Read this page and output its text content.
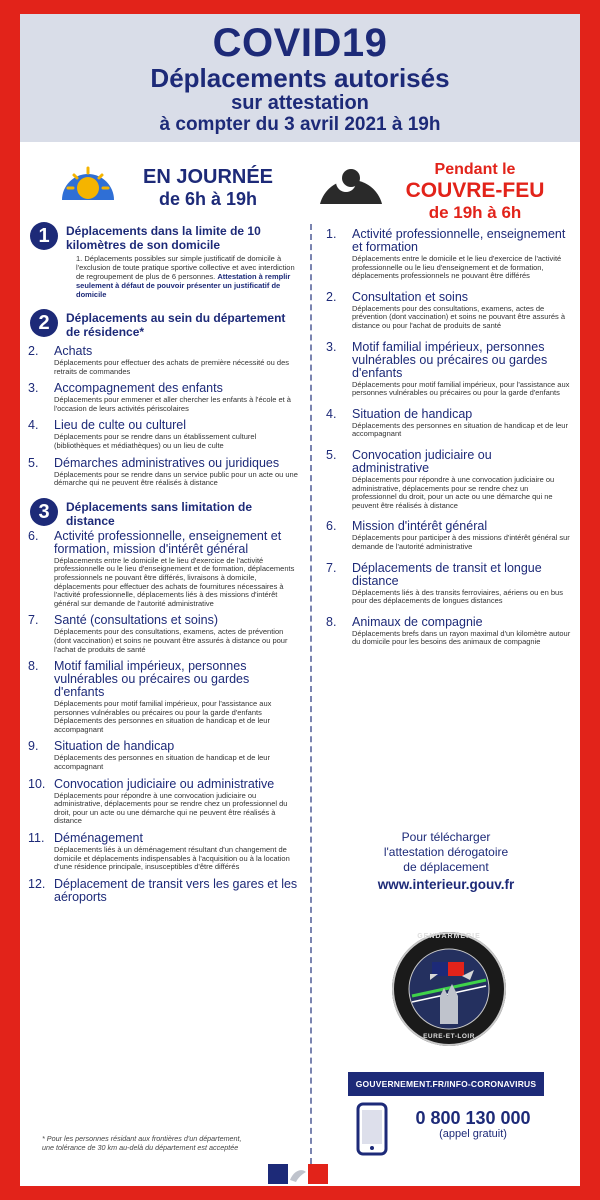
COVID19
Déplacements autorisés
sur attestation
à compter du 3 avril 2021 à 19h
EN JOURNÉE
de 6h à 19h
Pendant le
COUVRE-FEU
de 19h à 6h
1	Déplacements dans la limite de 10 kilomètres de son domicile
1. Déplacements possibles sur simple justificatif de domicile à l'exclusion de toute pratique sportive collective et avec interdiction de regroupement de plus de 6 personnes. Attestation à remplir seulement à défaut de pouvoir présenter un justificatif de domicile
2	Déplacements au sein du département de résidence*
2. Achats
Déplacements pour effectuer des achats de première nécessité ou des retraits de commandes
3. Accompagnement des enfants
Déplacements pour emmener et aller chercher les enfants à l'école et à l'occasion de leurs activités périscolaires
4. Lieu de culte ou culturel
Déplacements pour se rendre dans un établissement culturel (bibliothèques et médiathèques) ou un lieu de culte
5. Démarches administratives ou juridiques
Déplacements pour se rendre dans un service public pour un acte ou une démarche qui ne peuvent être réalisés à distance
3	Déplacements sans limitation de distance
6. Activité professionnelle, enseignement et formation, mission d'intérêt général
Déplacements entre le domicile et le lieu d'exercice de l'activité professionnelle ou le lieu d'enseignement et de formation, déplacements professionnels ne pouvant être différés, livraisons à domicile, déplacements pour effectuer des achats de fournitures nécessaires à l'activité professionnelle, déplacements liés à des missions d'intérêt général sur demande de l'autorité administrative
7. Santé (consultations et soins)
Déplacements pour des consultations, examens, actes de prévention (dont vaccination) et soins ne pouvant être assurés à distance ou pour l'achat de produits de santé
8. Motif familial impérieux, personnes vulnérables ou précaires ou gardes d'enfants
Déplacements pour motif familial impérieux, pour l'assistance aux personnes vulnérables ou précaires ou pour la garde d'enfants Déplacements des personnes en situation de handicap et de leur accompagnant
9. Situation de handicap
Déplacements des personnes en situation de handicap et de leur accompagnant
10. Convocation judiciaire ou administrative
Déplacements pour répondre à une convocation judiciaire ou administrative, déplacements pour se rendre chez un professionnel du droit, pour un acte ou une démarche qui ne peuvent être réalisés à distance
11. Déménagement
Déplacements liés à un déménagement résultant d'un changement de domicile et déplacements indispensables à l'acquisition ou à la location d'une résidence principale, insusceptibles d'être différés
12. Déplacement de transit vers les gares et les aéroports
1. Activité professionnelle, enseignement et formation
Déplacements entre le domicile et le lieu d'exercice de l'activité professionnelle ou le lieu d'enseignement et de formation, déplacements professionnels ne pouvant être différés
2. Consultation et soins
Déplacements pour des consultations, examens, actes de prévention (dont vaccination) et soins ne pouvant être assurés à distance ou pour l'achat de produits de santé
3. Motif familial impérieux, personnes vulnérables ou précaires ou gardes d'enfants
Déplacements pour motif familial impérieux, pour l'assistance aux personnes vulnérables ou précaires ou pour la garde d'enfants
4. Situation de handicap
Déplacements des personnes en situation de handicap et de leur accompagnant
5. Convocation judiciaire ou administrative
Déplacements pour répondre à une convocation judiciaire ou administrative, déplacements pour se rendre chez un professionnel du droit, pour un acte ou une démarche qui ne peuvent être réalisés à distance
6. Mission d'intérêt général
Déplacements pour participer à des missions d'intérêt général sur demande de l'autorité administrative
7. Déplacements de transit et longue distance
Déplacements liés à des transits ferroviaires, aériens ou en bus pour des déplacements de longues distances
8. Animaux de compagnie
Déplacements brefs dans un rayon maximal d'un kilomètre autour du domicile pour les besoins des animaux de compagnie
Pour télécharger
l'attestation dérogatoire
de déplacement
www.interieur.gouv.fr
GENDARMERIE
EURE-ET-LOIR
GOUVERNEMENT.FR/INFO-CORONAVIRUS
0 800 130 000
(appel gratuit)
* Pour les personnes résidant aux frontières d'un département, une tolérance de 30 km au-delà du département est acceptée
